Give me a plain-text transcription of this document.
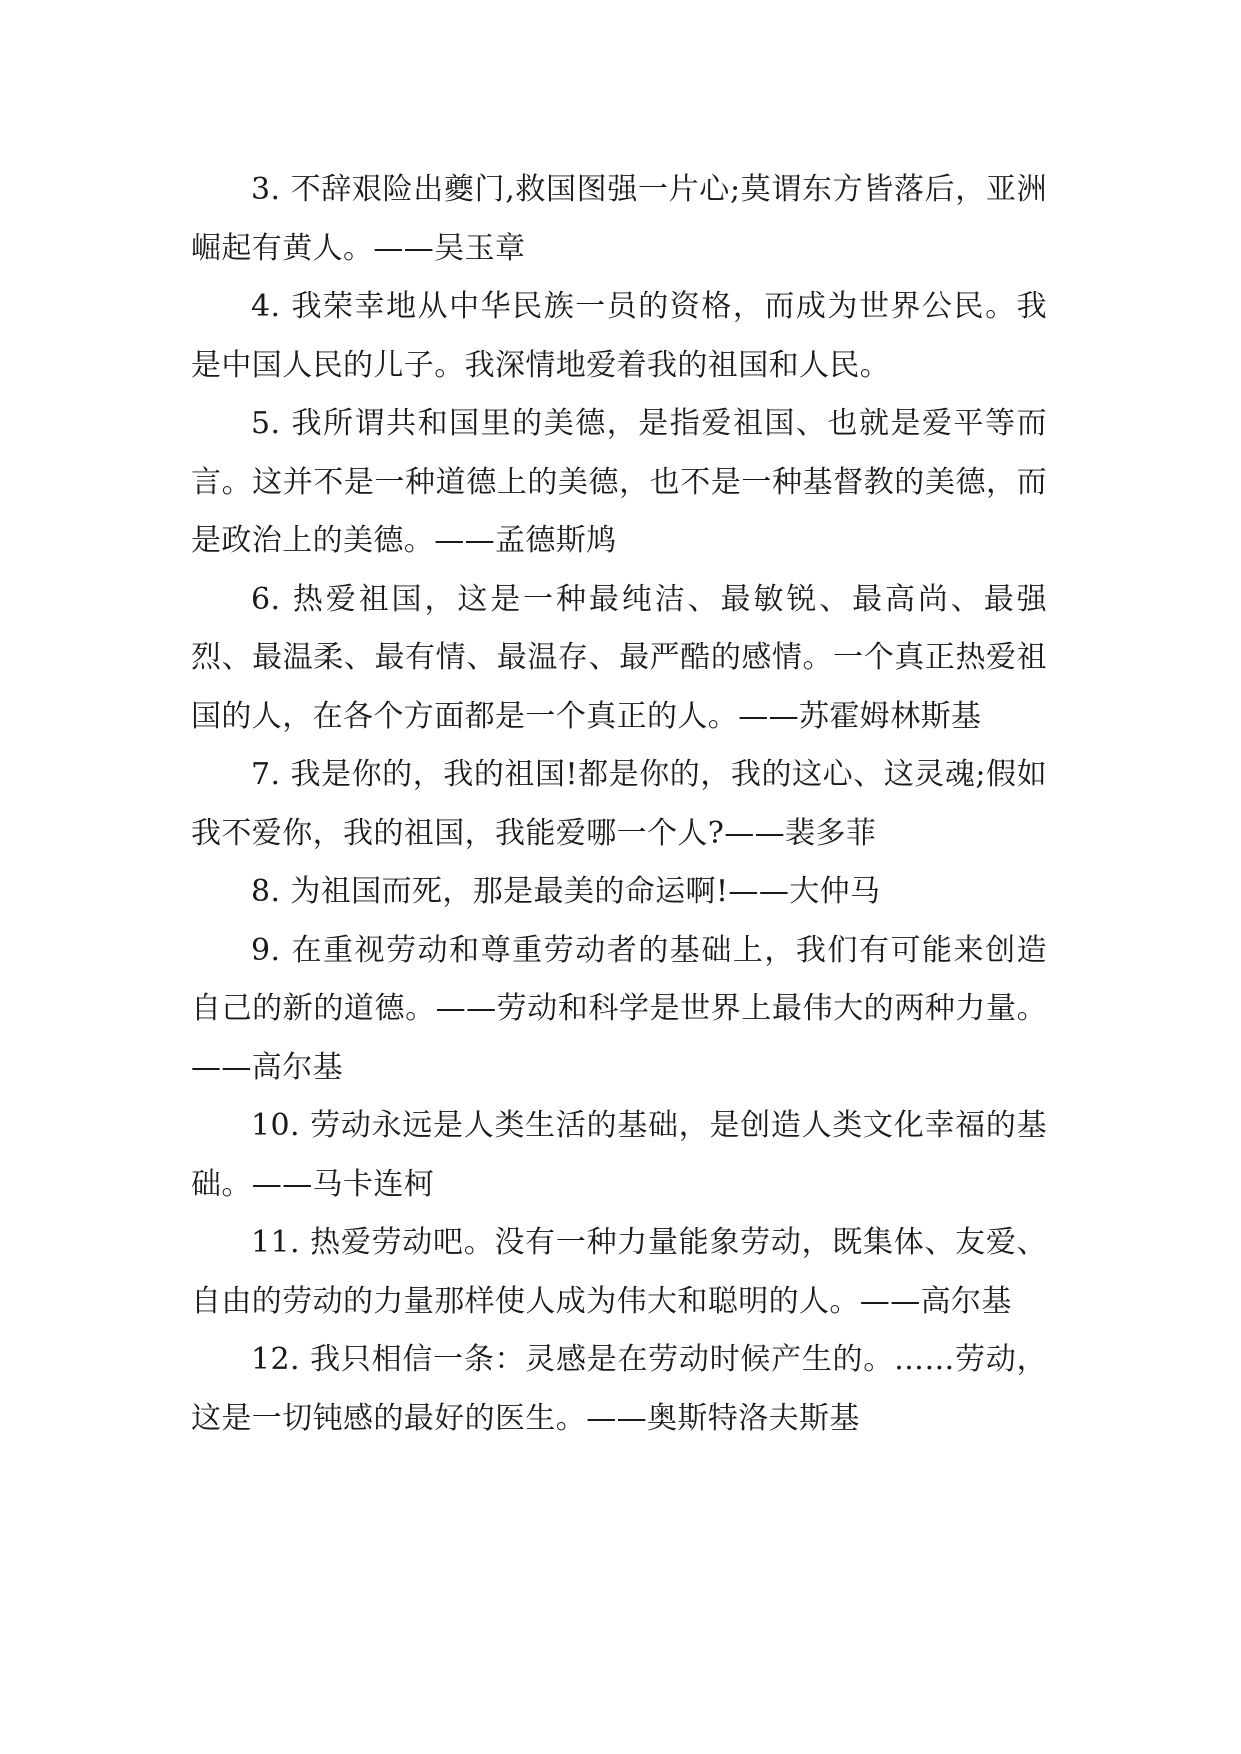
3. 不辞艰险出夔门,救国图强一片心;莫谓东方皆落后，亚洲崛起有黄人。——吴玉章

4. 我荣幸地从中华民族一员的资格，而成为世界公民。我是中国人民的儿子。我深情地爱着我的祖国和人民。

5. 我所谓共和国里的美德，是指爱祖国、也就是爱平等而言。这并不是一种道德上的美德，也不是一种基督教的美德，而是政治上的美德。——孟德斯鸠

6. 热爱祖国，这是一种最纯洁、最敏锐、最高尚、最强烈、最温柔、最有情、最温存、最严酷的感情。一个真正热爱祖国的人，在各个方面都是一个真正的人。——苏霍姆林斯基

7. 我是你的，我的祖国!都是你的，我的这心、这灵魂;假如我不爱你，我的祖国，我能爱哪一个人?——裴多菲

8. 为祖国而死，那是最美的命运啊!——大仲马

9. 在重视劳动和尊重劳动者的基础上，我们有可能来创造自己的新的道德。——劳动和科学是世界上最伟大的两种力量。——高尔基

10. 劳动永远是人类生活的基础，是创造人类文化幸福的基础。——马卡连柯

11. 热爱劳动吧。没有一种力量能象劳动，既集体、友爱、自由的劳动的力量那样使人成为伟大和聪明的人。——高尔基

12. 我只相信一条：灵感是在劳动时候产生的。……劳动，这是一切钝感的最好的医生。——奥斯特洛夫斯基
